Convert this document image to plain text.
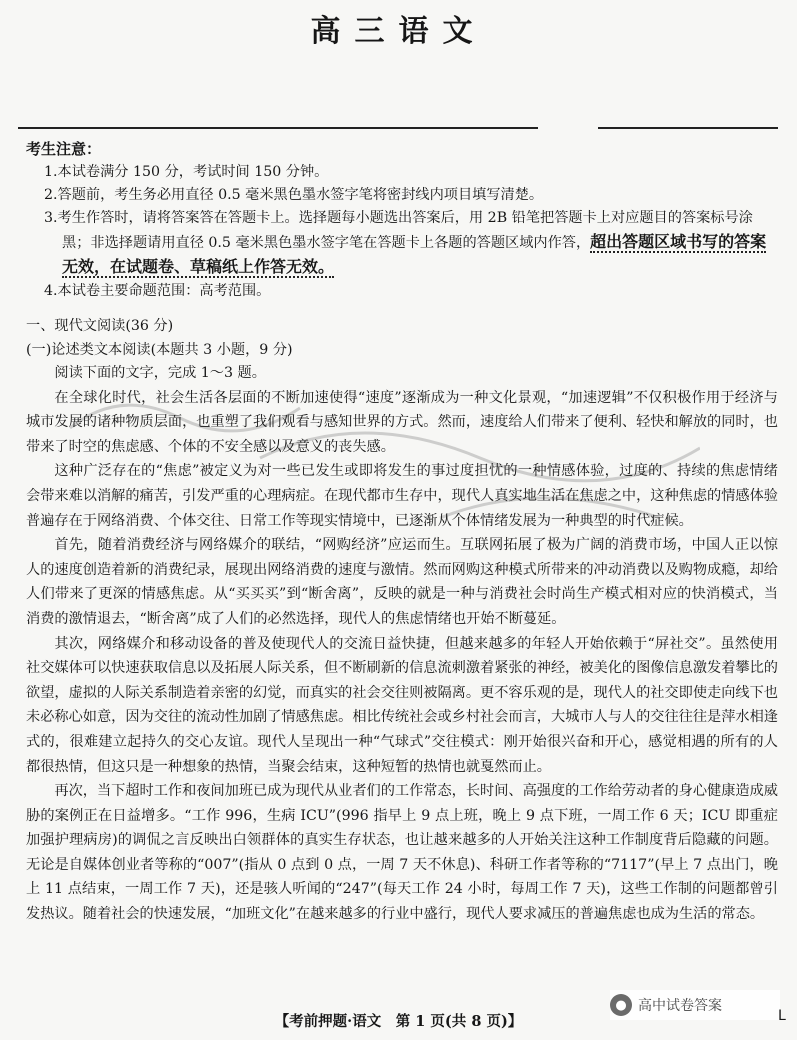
高三语文
考生注意：
1.本试卷满分 150 分，考试时间 150 分钟。
2.答题前，考生务必用直径 0.5 毫米黑色墨水签字笔将密封线内项目填写清楚。
3.考生作答时，请将答案答在答题卡上。选择题每小题选出答案后，用 2B 铅笔把答题卡上对应题目的答案标号涂黑；非选择题请用直径 0.5 毫米黑色墨水签字笔在答题卡上各题的答题区域内作答，超出答题区域书写的答案无效，在试题卷、草稿纸上作答无效。
4.本试卷主要命题范围：高考范围。
一、现代文阅读(36 分)
(一)论述类文本阅读(本题共 3 小题，9 分)

阅读下面的文字，完成 1～3 题。

在全球化时代，社会生活各层面的不断加速使得“速度”逐渐成为一种文化景观，“加速逻辑”不仅积极作用于经济与城市发展的诸种物质层面，也重塑了我们观看与感知世界的方式。然而，速度给人们带来了便利、轻快和解放的同时，也带来了时空的焦虑感、个体的不安全感以及意义的丧失感。

这种广泛存在的“焦虑”被定义为对一些已发生或即将发生的事过度担忧的一种情感体验，过度的、持续的焦虑情绪会带来难以消解的痛苦，引发严重的心理病症。在现代都市生存中，现代人真实地生活在焦虑之中，这种焦虑的情感体验普遍存在于网络消费、个体交往、日常工作等现实情境中，已逐渐从个体情绪发展为一种典型的时代症候。

首先，随着消费经济与网络媒介的联结，“网购经济”应运而生。互联网拓展了极为广阔的消费市场，中国人正以惊人的速度创造着新的消费纪录，展现出网络消费的速度与激情。然而网购这种模式所带来的冲动消费以及购物成瘾，却给人们带来了更深的情感焦虑。从“买买买”到“断舍离”，反映的就是一种与消费社会时尚生产模式相对应的快消模式，当消费的激情退去，“断舍离”成了人们的必然选择，现代人的焦虑情绪也开始不断蔓延。

其次，网络媒介和移动设备的普及使现代人的交流日益快捷，但越来越多的年轻人开始依赖于“屏社交”。虽然使用社交媒体可以快速获取信息以及拓展人际关系，但不断刷新的信息流刺激着紧张的神经，被美化的图像信息激发着攀比的欲望，虚拟的人际关系制造着亲密的幻觉，而真实的社会交往则被隔离。更不容乐观的是，现代人的社交即使走向线下也未必称心如意，因为交往的流动性加剧了情感焦虑。相比传统社会或乡村社会而言，大城市人与人的交往往往是萍水相逢式的，很难建立起持久的交心友谊。现代人呈现出一种“气球式”交往模式：刚开始很兴奋和开心，感觉相遇的所有的人都很热情，但这只是一种想象的热情，当聚会结束，这种短暂的热情也就戛然而止。

再次，当下超时工作和夜间加班已成为现代从业者们的工作常态，长时间、高强度的工作给劳动者的身心健康造成威胁的案例正在日益增多。“工作 996，生病 ICU”(996 指早上 9 点上班，晚上 9 点下班，一周工作 6 天；ICU 即重症加强护理病房)的调侃之言反映出白领群体的真实生存状态，也让越来越多的人开始关注这种工作制度背后隐藏的问题。无论是自媒体创业者等称的“007”(指从 0 点到 0 点，一周 7 天不休息)、科研工作者等称的“7117”(早上 7 点出门，晚上 11 点结束，一周工作 7 天)，还是骇人听闻的“247”(每天工作 24 小时，每周工作 7 天)，这些工作制的问题都曾引发热议。随着社会的快速发展，“加班文化”在越来越多的行业中盛行，现代人要求减压的普遍焦虑也成为生活的常态。

● 高中试卷答案
【考前押题·语文　第 1 页(共 8 页)】	L
